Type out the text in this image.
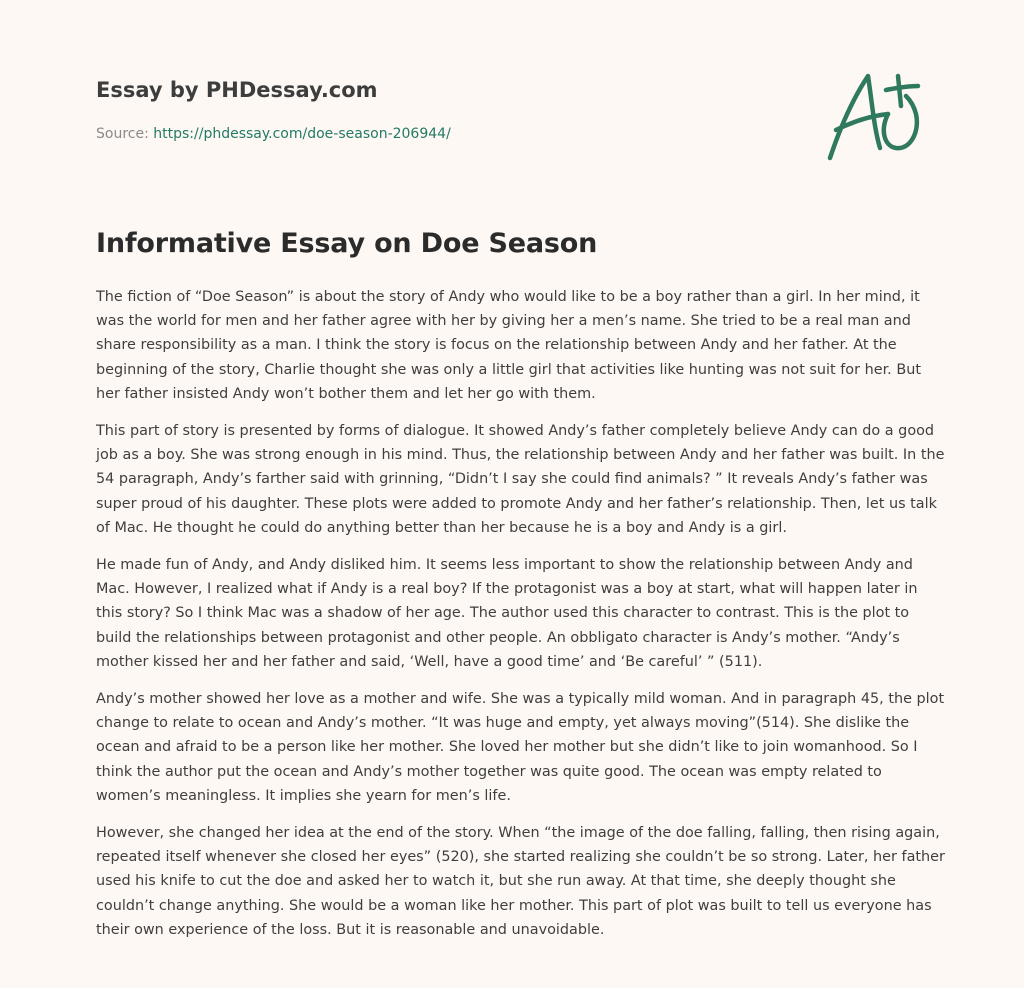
Essay by PHDessay.com
Source: https://phdessay.com/doe-season-206944/
Informative Essay on Doe Season

The fiction of “Doe Season” is about the story of Andy who would like to be a boy rather than a girl. In her mind, it was the world for men and her father agree with her by giving her a men’s name. She tried to be a real man and share responsibility as a man. I think the story is focus on the relationship between Andy and her father. At the beginning of the story, Charlie thought she was only a little girl that activities like hunting was not suit for her. But her father insisted Andy won’t bother them and let her go with them.

This part of story is presented by forms of dialogue. It showed Andy’s father completely believe Andy can do a good job as a boy. She was strong enough in his mind. Thus, the relationship between Andy and her father was built. In the 54 paragraph, Andy’s farther said with grinning, “Didn’t I say she could find animals? ” It reveals Andy’s father was super proud of his daughter. These plots were added to promote Andy and her father’s relationship. Then, let us talk of Mac. He thought he could do anything better than her because he is a boy and Andy is a girl.

He made fun of Andy, and Andy disliked him. It seems less important to show the relationship between Andy and Mac. However, I realized what if Andy is a real boy? If the protagonist was a boy at start, what will happen later in this story? So I think Mac was a shadow of her age. The author used this character to contrast. This is the plot to build the relationships between protagonist and other people. An obbligato character is Andy’s mother. “Andy’s mother kissed her and her father and said, ‘Well, have a good time’ and ‘Be careful’ ” (511).

Andy’s mother showed her love as a mother and wife. She was a typically mild woman. And in paragraph 45, the plot change to relate to ocean and Andy’s mother. “It was huge and empty, yet always moving”(514). She dislike the ocean and afraid to be a person like her mother. She loved her mother but she didn’t like to join womanhood. So I think the author put the ocean and Andy’s mother together was quite good. The ocean was empty related to women’s meaningless. It implies she yearn for men’s life.

However, she changed her idea at the end of the story. When “the image of the doe falling, falling, then rising again, repeated itself whenever she closed her eyes” (520), she started realizing she couldn’t be so strong. Later, her father used his knife to cut the doe and asked her to watch it, but she run away. At that time, she deeply thought she couldn’t change anything. She would be a woman like her mother. This part of plot was built to tell us everyone has their own experience of the loss. But it is reasonable and unavoidable.
